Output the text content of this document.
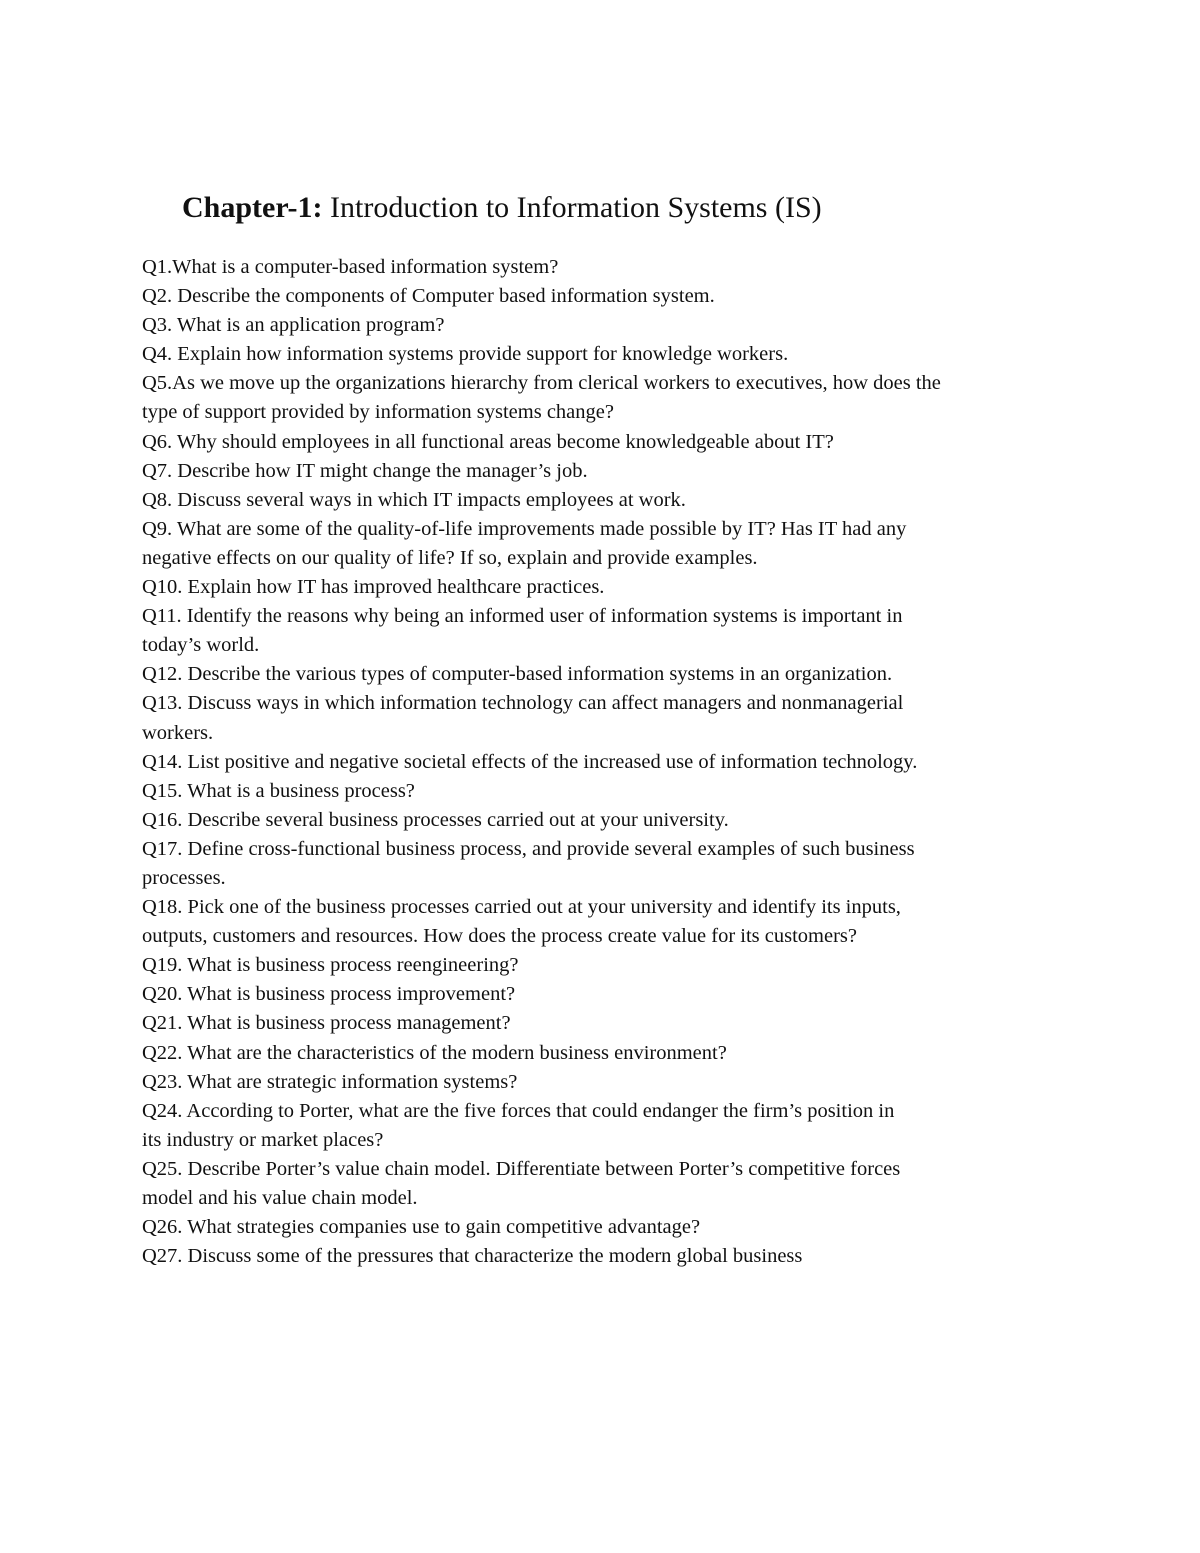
Chapter-1: Introduction to Information Systems (IS)
Q1.What is a computer-based information system?
Q2. Describe the components of Computer based information system.
Q3. What is an application program?
Q4. Explain how information systems provide support for knowledge workers.
Q5.As we move up the organizations hierarchy from clerical workers to executives, how does the
type of support provided by information systems change?
Q6. Why should employees in all functional areas become knowledgeable about IT?
Q7. Describe how IT might change the manager’s job.
Q8. Discuss several ways in which IT impacts employees at work.
Q9. What are some of the quality-of-life improvements made possible by IT? Has IT had any
negative effects on our quality of life? If so, explain and provide examples.
Q10. Explain how IT has improved healthcare practices.
Q11. Identify the reasons why being an informed user of information systems is important in
today’s world.
Q12. Describe the various types of computer-based information systems in an organization.
Q13. Discuss ways in which information technology can affect managers and nonmanagerial
workers.
Q14. List positive and negative societal effects of the increased use of information technology.
Q15. What is a business process?
Q16. Describe several business processes carried out at your university.
Q17. Define cross-functional business process, and provide several examples of such business
processes.
Q18. Pick one of the business processes carried out at your university and identify its inputs,
outputs, customers and resources. How does the process create value for its customers?
Q19. What is business process reengineering?
Q20. What is business process improvement?
Q21. What is business process management?
Q22. What are the characteristics of the modern business environment?
Q23. What are strategic information systems?
Q24. According to Porter, what are the five forces that could endanger the firm’s position in
its industry or market places?
Q25. Describe Porter’s value chain model. Differentiate between Porter’s competitive forces
model and his value chain model.
Q26. What strategies companies use to gain competitive advantage?
Q27. Discuss some of the pressures that characterize the modern global business
